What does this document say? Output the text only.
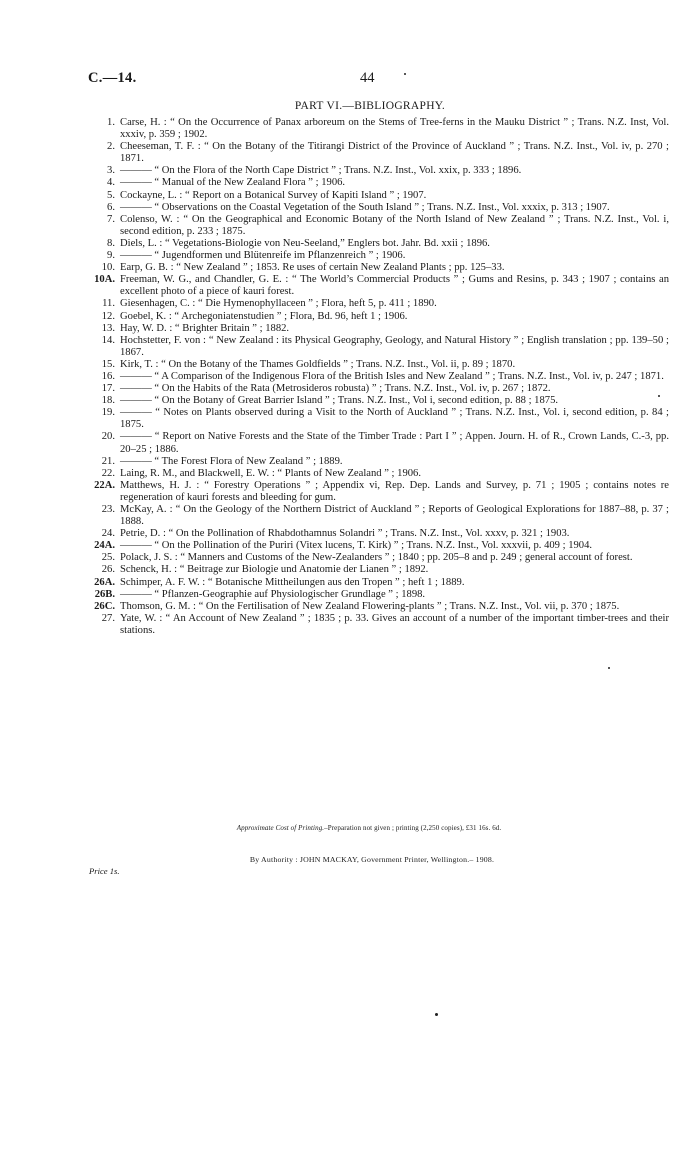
C.—14.	44
PART VI.—BIBLIOGRAPHY.
1. Carse, H. : “ On the Occurrence of Panax arboreum on the Stems of Tree-ferns in the Mauku District ” ; Trans. N.Z. Inst, Vol. xxxiv, p. 359 ; 1902.
2. Cheeseman, T. F. : “ On the Botany of the Titirangi District of the Province of Auckland ” ; Trans. N.Z. Inst., Vol. iv, p. 270 ; 1871.
3. ——— “ On the Flora of the North Cape District ” ; Trans. N.Z. Inst., Vol. xxix, p. 333 ; 1896.
4. ——— “ Manual of the New Zealand Flora ” ; 1906.
5. Cockayne, L. : “ Report on a Botanical Survey of Kapiti Island ” ; 1907.
6. ——— “ Observations on the Coastal Vegetation of the South Island ” ; Trans. N.Z. Inst., Vol. xxxix, p. 313 ; 1907.
7. Colenso, W. : “ On the Geographical and Economic Botany of the North Island of New Zealand ” ; Trans. N.Z. Inst., Vol. i, second edition, p. 233 ; 1875.
8. Diels, L. : “ Vegetations-Biologie von Neu-Seeland,” Englers bot. Jahr. Bd. xxii ; 1896.
9. ——— “ Jugendformen und Blütenreife im Pflanzenreich ” ; 1906.
10. Earp, G. B. : “ New Zealand ” ; 1853. Re uses of certain New Zealand Plants ; pp. 125–33.
10A. Freeman, W. G., and Chandler, G. E. : “ The World’s Commercial Products ” ; Gums and Resins, p. 343 ; 1907 ; contains an excellent photo of a piece of kauri forest.
11. Giesenhagen, C. : “ Die Hymenophyllaceen ” ; Flora, heft 5, p. 411 ; 1890.
12. Goebel, K. : “ Archegoniatenstudien ” ; Flora, Bd. 96, heft 1 ; 1906.
13. Hay, W. D. : “ Brighter Britain ” ; 1882.
14. Hochstetter, F. von : “ New Zealand : its Physical Geography, Geology, and Natural History ” ; English translation ; pp. 139–50 ; 1867.
15. Kirk, T. : “ On the Botany of the Thames Goldfields ” ; Trans. N.Z. Inst., Vol. ii, p. 89 ; 1870.
16. ——— “ A Comparison of the Indigenous Flora of the British Isles and New Zealand ” ; Trans. N.Z. Inst., Vol. iv, p. 247 ; 1871.
17. ——— “ On the Habits of the Rata (Metrosideros robusta) ” ; Trans. N.Z. Inst., Vol. iv, p. 267 ; 1872.
18. ——— “ On the Botany of Great Barrier Island ” ; Trans. N.Z. Inst., Vol i, second edition, p. 88 ; 1875.
19. ——— “ Notes on Plants observed during a Visit to the North of Auckland ” ; Trans. N.Z. Inst., Vol. i, second edition, p. 84 ; 1875.
20. ——— “ Report on Native Forests and the State of the Timber Trade : Part I ” ; Appen. Journ. H. of R., Crown Lands, C.-3, pp. 20–25 ; 1886.
21. ——— “ The Forest Flora of New Zealand ” ; 1889.
22. Laing, R. M., and Blackwell, E. W. : “ Plants of New Zealand ” ; 1906.
22A. Matthews, H. J. : “ Forestry Operations ” ; Appendix vi, Rep. Dep. Lands and Survey, p. 71 ; 1905 ; contains notes re regeneration of kauri forests and bleeding for gum.
23. McKay, A. : “ On the Geology of the Northern District of Auckland ” ; Reports of Geological Explorations for 1887–88, p. 37 ; 1888.
24. Petrie, D. : “ On the Pollination of Rhabdothamnus Solandri ” ; Trans. N.Z. Inst., Vol. xxxv, p. 321 ; 1903.
24A. ——— “ On the Pollination of the Puriri (Vitex lucens, T. Kirk) ” ; Trans. N.Z. Inst., Vol. xxxvii, p. 409 ; 1904.
25. Polack, J. S. : “ Manners and Customs of the New-Zealanders ” ; 1840 ; pp. 205–8 and p. 249 ; general account of forest.
26. Schenck, H. : “ Beitrage zur Biologie und Anatomie der Lianen ” ; 1892.
26A. Schimper, A. F. W. : “ Botanische Mittheilungen aus den Tropen ” ; heft 1 ; 1889.
26B. ——— “ Pflanzen-Geographie auf Physiologischer Grundlage ” ; 1898.
26C. Thomson, G. M. : “ On the Fertilisation of New Zealand Flowering-plants ” ; Trans. N.Z. Inst., Vol. vii, p. 370 ; 1875.
27. Yate, W. : “ An Account of New Zealand ” ; 1835 ; p. 33. Gives an account of a number of the important timber-trees and their stations.
Approximate Cost of Printing.–Preparation not given ; printing (2,250 copies), £31 16s. 6d.
By Authority : JOHN MACKAY, Government Printer, Wellington.– 1908.
Price 1s.
